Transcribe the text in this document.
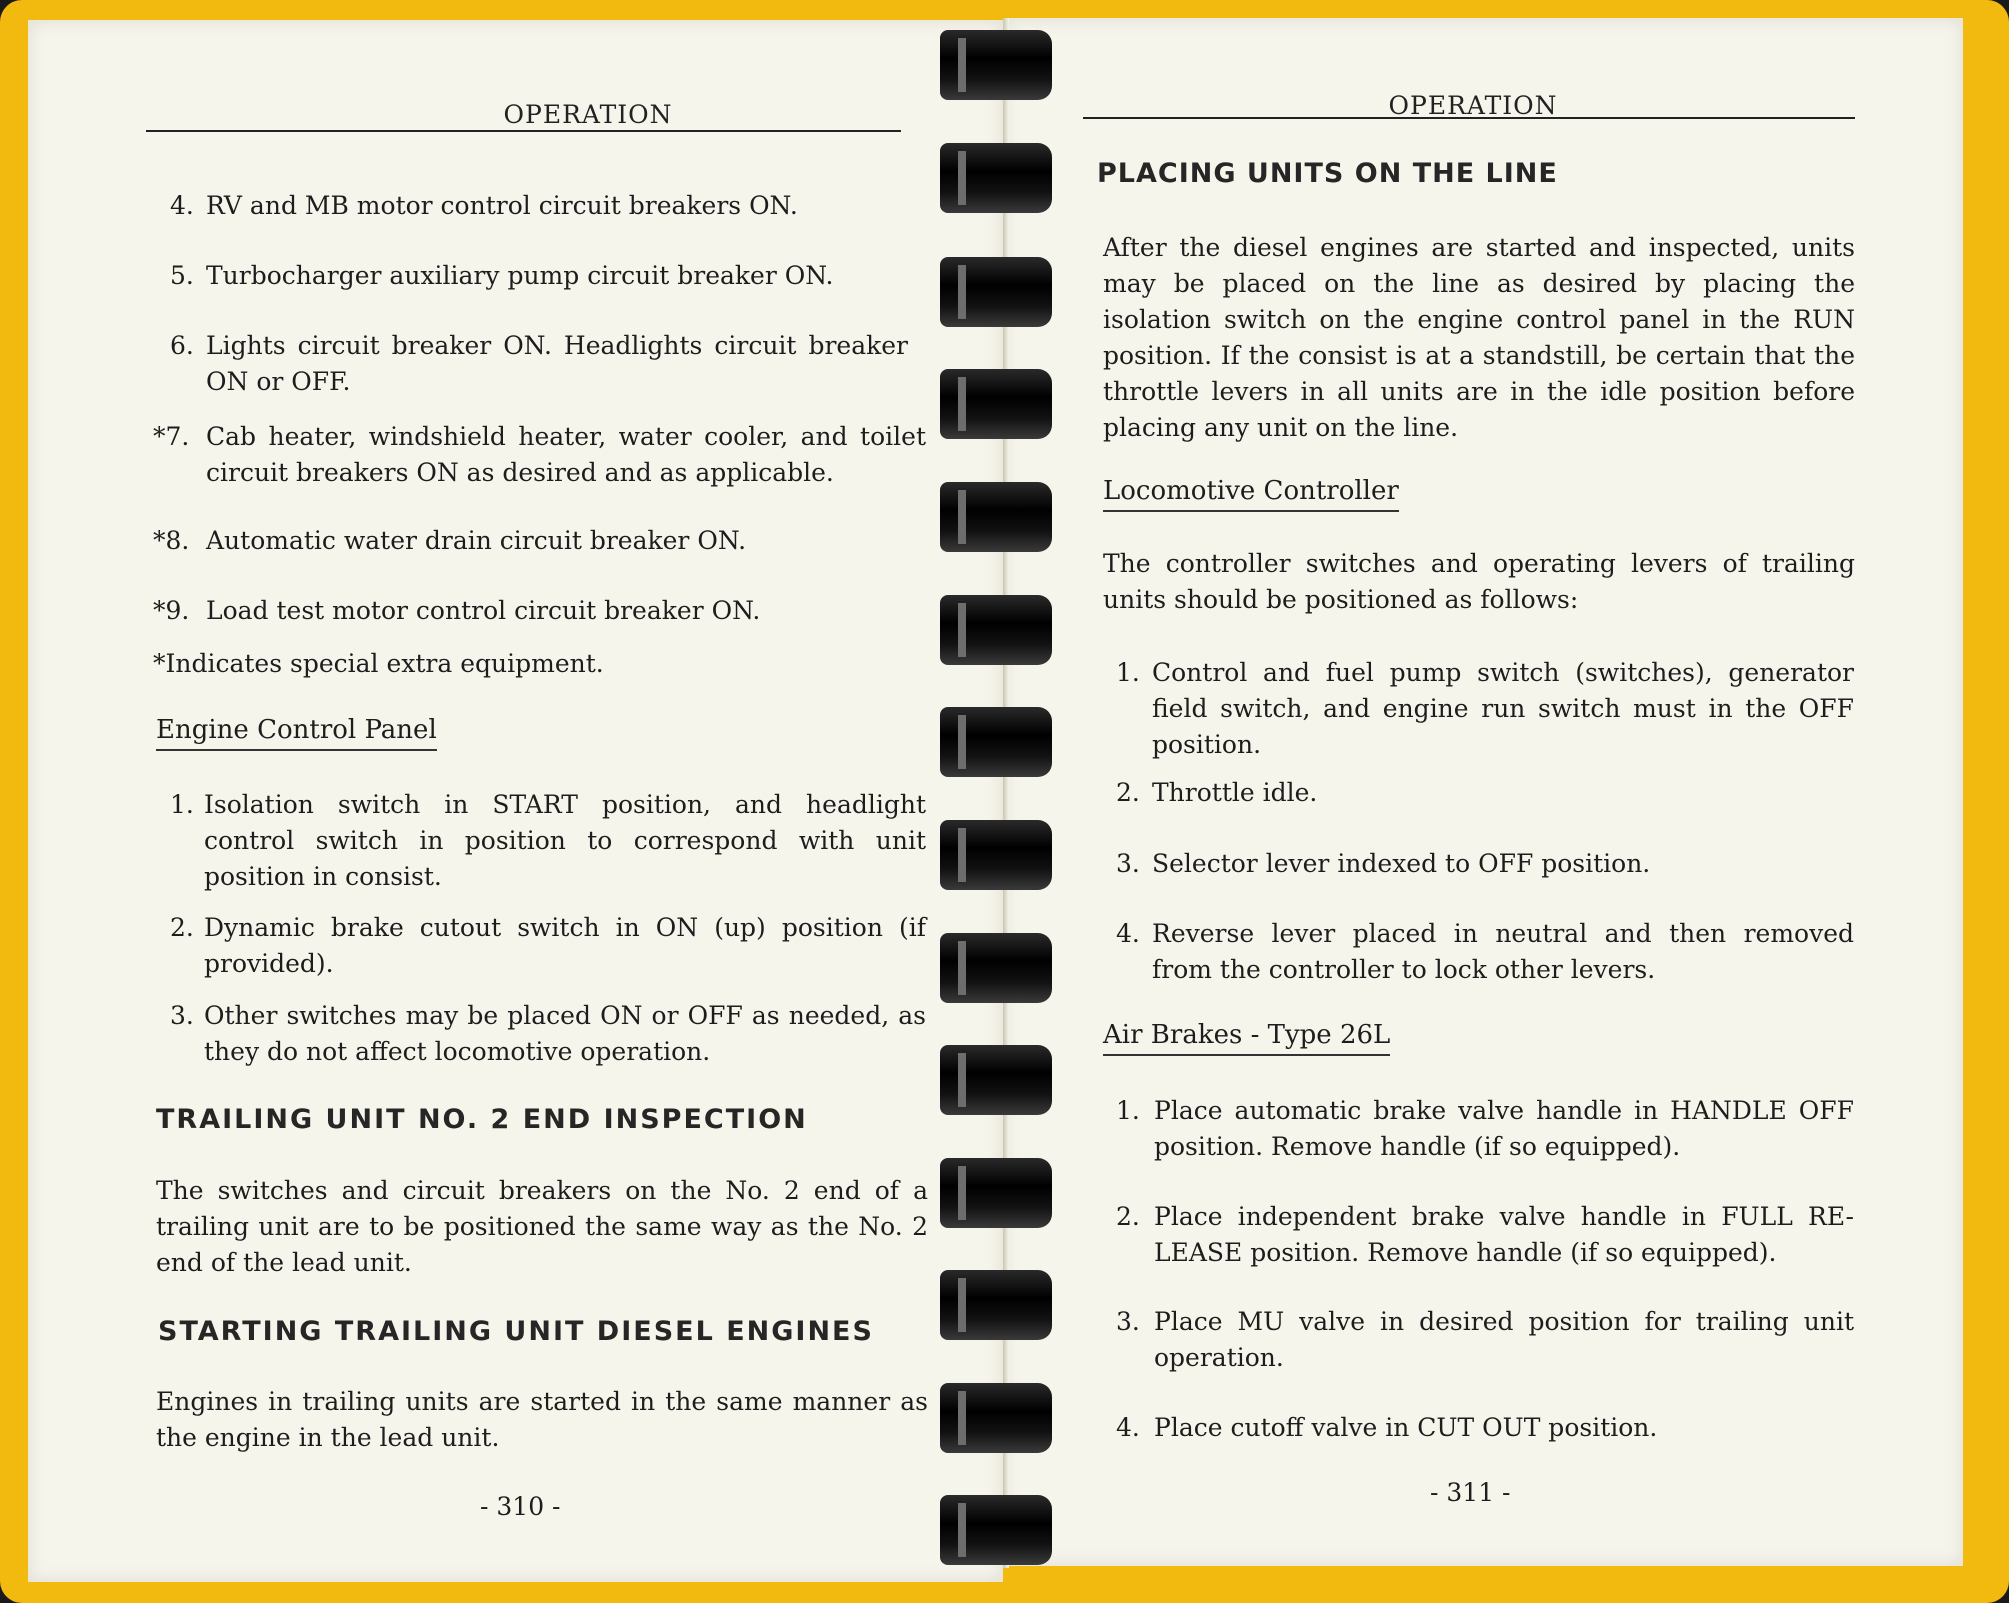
OPERATION
4. RV and MB motor control circuit breakers ON.
5. Turbocharger auxiliary pump circuit breaker ON.
6. Lights circuit breaker ON. Headlights circuit breaker ON or OFF.
*7. Cab heater, windshield heater, water cooler, and toilet circuit breakers ON as desired and as applicable.
*8. Automatic water drain circuit breaker ON.
*9. Load test motor control circuit breaker ON.
*Indicates special extra equipment.
Engine Control Panel
1. Isolation switch in START position, and headlight control switch in position to correspond with unit position in consist.
2. Dynamic brake cutout switch in ON (up) position (if provided).
3. Other switches may be placed ON or OFF as needed, as they do not affect locomotive operation.
TRAILING UNIT NO. 2 END INSPECTION
The switches and circuit breakers on the No. 2 end of a trailing unit are to be positioned the same way as the No. 2 end of the lead unit.
STARTING TRAILING UNIT DIESEL ENGINES
Engines in trailing units are started in the same manner as the engine in the lead unit.
- 310 -
OPERATION
PLACING UNITS ON THE LINE
After the diesel engines are started and inspected, units may be placed on the line as desired by placing the isolation switch on the engine control panel in the RUN position. If the consist is at a standstill, be certain that the throttle levers in all units are in the idle position before placing any unit on the line.
Locomotive Controller
The controller switches and operating levers of trailing units should be positioned as follows:
1. Control and fuel pump switch (switches), generator field switch, and engine run switch must in the OFF position.
2. Throttle idle.
3. Selector lever indexed to OFF position.
4. Reverse lever placed in neutral and then removed from the controller to lock other levers.
Air Brakes - Type 26L
1. Place automatic brake valve handle in HANDLE OFF position. Remove handle (if so equipped).
2. Place independent brake valve handle in FULL RE-LEASE position. Remove handle (if so equipped).
3. Place MU valve in desired position for trailing unit operation.
4. Place cutoff valve in CUT OUT position.
- 311 -
